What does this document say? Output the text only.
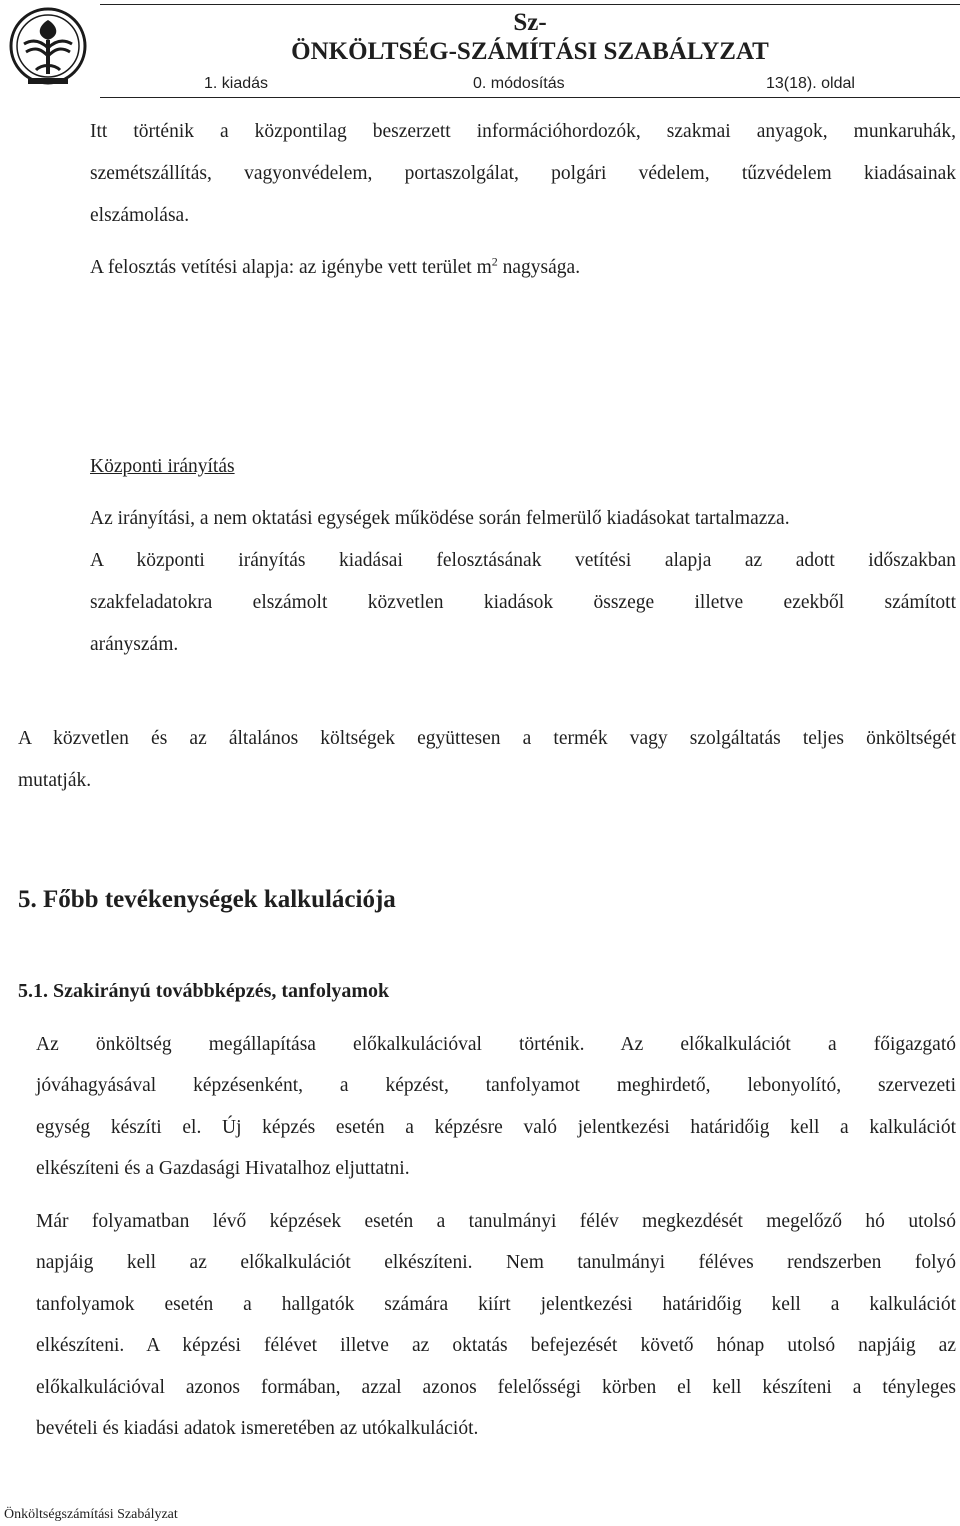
Sz-
ÖNKÖLTSÉG-SZÁMÍTÁSI SZABÁLYZAT
1. kiadás	0. módosítás	13(18). oldal
Itt történik a központilag beszerzett információhordozók, szakmai anyagok, munkaruhák,
szemétszállítás, vagyonvédelem, portaszolgálat, polgári védelem, tűzvédelem kiadásainak
elszámolása.
A felosztás vetítési alapja: az igénybe vett terület $m^2$ nagysága.
Központi irányítás
Az irányítási, a nem oktatási egységek működése során felmerülő kiadásokat tartalmazza.
A központi irányítás kiadásai felosztásának vetítési alapja az adott időszakban
szakfeladatokra elszámolt közvetlen kiadások összege illetve ezekből számított
arányszám.
A közvetlen és az általános költségek együttesen a termék vagy szolgáltatás teljes önköltségét
mutatják.
5. Főbb tevékenységek kalkulációja
5.1. Szakirányú továbbképzés, tanfolyamok
Az önköltség megállapítása előkalkulációval történik. Az előkalkulációt a főigazgató
jóváhagyásával képzésenként, a képzést, tanfolyamot meghirdető, lebonyolító, szervezeti
egység készíti el. Új képzés esetén a képzésre való jelentkezési határidőig kell a kalkulációt
elkészíteni és a Gazdasági Hivatalhoz eljuttatni.
Már folyamatban lévő képzések esetén a tanulmányi félév megkezdését megelőző hó utolsó
napjáig kell az előkalkulációt elkészíteni. Nem tanulmányi féléves rendszerben folyó
tanfolyamok esetén a hallgatók számára kiírt jelentkezési határidőig kell a kalkulációt
elkészíteni. A képzési félévet illetve az oktatás befejezését követő hónap utolsó napjáig az
előkalkulációval azonos formában, azzal azonos felelősségi körben el kell készíteni a tényleges
bevételi és kiadási adatok ismeretében az utókalkulációt.
Önköltségszámítási Szabályzat
